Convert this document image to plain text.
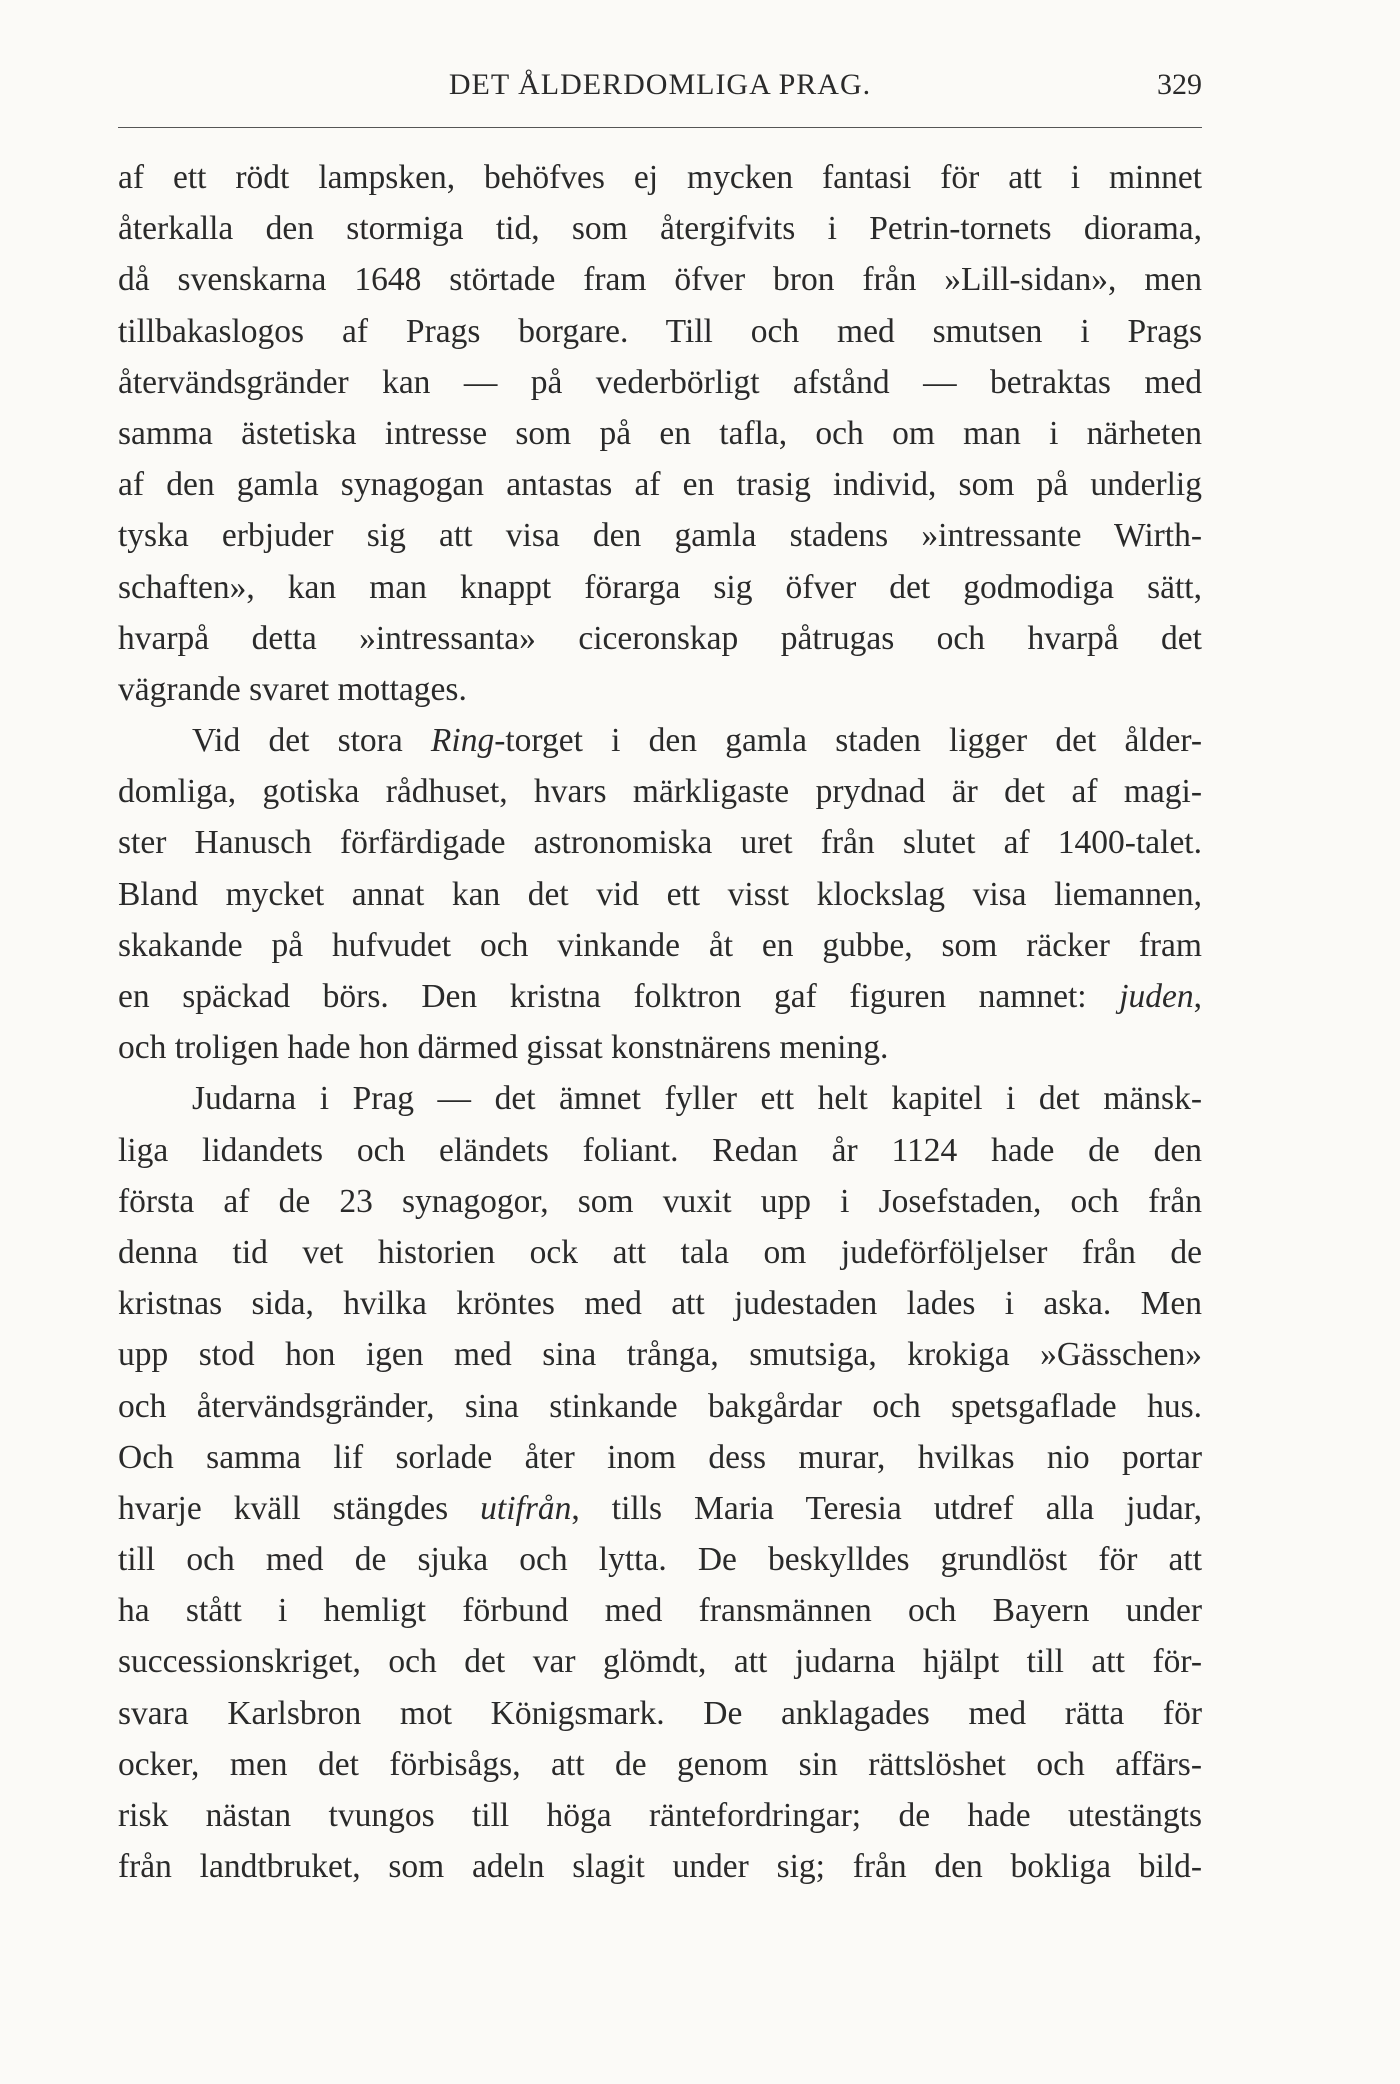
DET ÅLDERDOMLIGA PRAG.	329
af ett rödt lampsken, behöfves ej mycken fantasi för att i minnet
återkalla den stormiga tid, som återgifvits i Petrin-tornets diorama,
då svenskarna 1648 störtade fram öfver bron från »Lill-sidan», men
tillbakaslogos af Prags borgare. Till och med smutsen i Prags
återvändsgränder kan — på vederbörligt afstånd — betraktas med
samma ästetiska intresse som på en tafla, och om man i närheten
af den gamla synagogan antastas af en trasig individ, som på underlig
tyska erbjuder sig att visa den gamla stadens »intressante Wirth-
schaften», kan man knappt förarga sig öfver det godmodiga sätt,
hvarpå detta »intressanta» ciceronskap påtrugas och hvarpå det
vägrande svaret mottages.
Vid det stora Ring-torget i den gamla staden ligger det ålder-
domliga, gotiska rådhuset, hvars märkligaste prydnad är det af magi-
ster Hanusch förfärdigade astronomiska uret från slutet af 1400-talet.
Bland mycket annat kan det vid ett visst klockslag visa liemannen,
skakande på hufvudet och vinkande åt en gubbe, som räcker fram
en späckad börs. Den kristna folktron gaf figuren namnet: juden,
och troligen hade hon därmed gissat konstnärens mening.
Judarna i Prag — det ämnet fyller ett helt kapitel i det mänsk-
liga lidandets och eländets foliant. Redan år 1124 hade de den
första af de 23 synagogor, som vuxit upp i Josefstaden, och från
denna tid vet historien ock att tala om judeförföljelser från de
kristnas sida, hvilka kröntes med att judestaden lades i aska. Men
upp stod hon igen med sina trånga, smutsiga, krokiga »Gässchen»
och återvändsgränder, sina stinkande bakgårdar och spetsgaflade hus.
Och samma lif sorlade åter inom dess murar, hvilkas nio portar
hvarje kväll stängdes utifrån, tills Maria Teresia utdref alla judar,
till och med de sjuka och lytta. De beskylldes grundlöst för att
ha stått i hemligt förbund med fransmännen och Bayern under
successionskriget, och det var glömdt, att judarna hjälpt till att för-
svara Karlsbron mot Königsmark. De anklagades med rätta för
ocker, men det förbisågs, att de genom sin rättslöshet och affärs-
risk nästan tvungos till höga räntefordringar; de hade utestängts
från landtbruket, som adeln slagit under sig; från den bokliga bild-
